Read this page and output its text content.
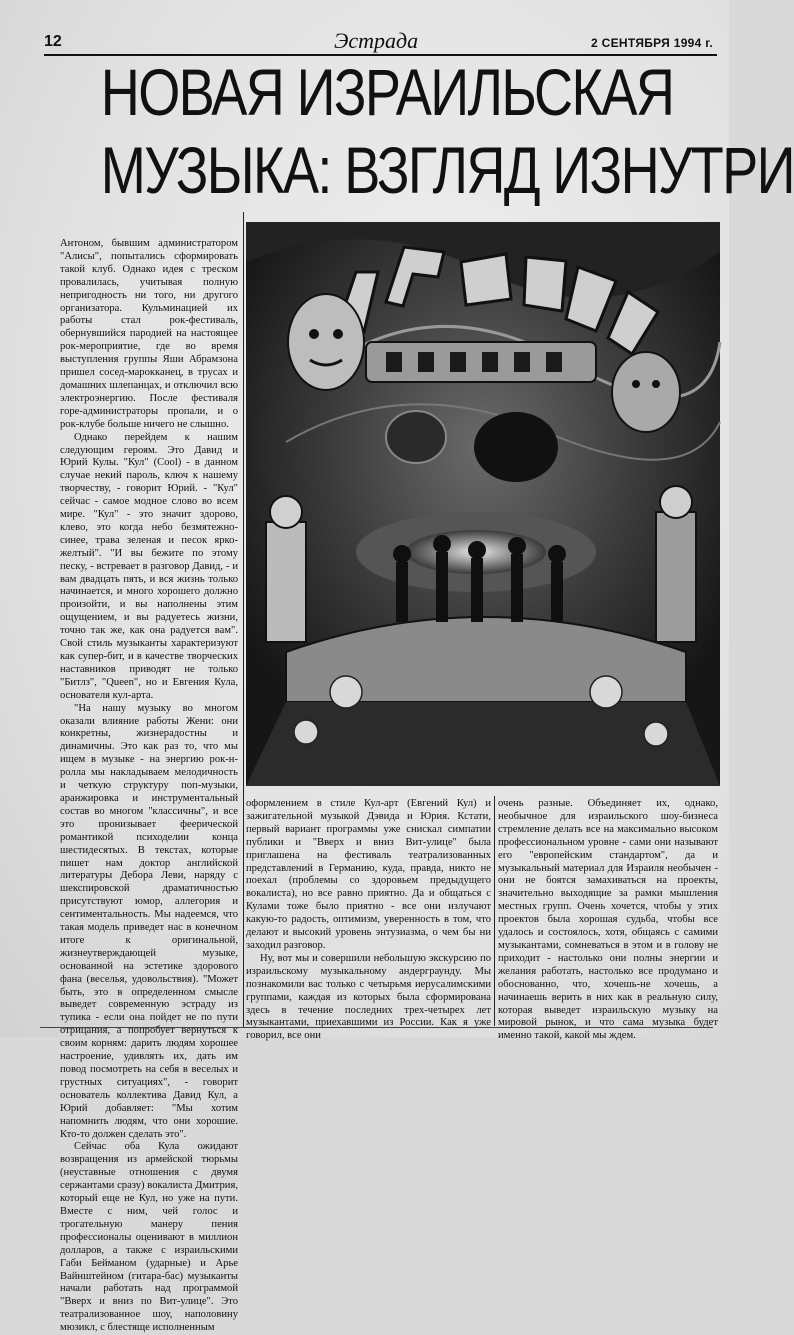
12	Эстрада	2 СЕНТЯБРЯ 1994 г.
НОВАЯ ИЗРАИЛЬСКАЯ
МУЗЫКА: ВЗГЛЯД ИЗНУТРИ

Антоном, бывшим администратором "Алисы", попытались сформировать такой клуб. Однако идея с треском провалилась, учитывая полную непригодность ни того, ни другого организатора. Кульминацией их работы стал рок-фестиваль, обернувшийся пародией на настоящее рок-мероприятие, где во время выступления группы Яши Абрамзона пришел сосед-марокканец, в трусах и домашних шлепанцах, и отключил всю электроэнергию. После фестиваля горе-администраторы пропали, и о рок-клубе больше ничего не слышно.

Однако перейдем к нашим следующим героям. Это Давид и Юрий Кулы. "Кул" (Cool) - в данном случае некий пароль, ключ к нашему творчеству, - говорит Юрий. - "Кул" сейчас - самое модное слово во всем мире. "Кул" - это значит здорово, клево, это когда небо безмятежно-синее, трава зеленая и песок ярко-желтый". "И вы бежите по этому песку, - встревает в разговор Давид, - и вам двадцать пять, и вся жизнь только начинается, и много хорошего должно произойти, и вы наполнены этим ощущением, и вы радуетесь жизни, точно так же, как она радуется вам". Свой стиль музыканты характеризуют как супер-бит, и в качестве творческих наставников приводят не только "Битлз", "Queen", но и Евгения Кула, основателя кул-арта.

"На нашу музыку во многом оказали влияние работы Жени: они конкретны, жизнерадостны и динамичны. Это как раз то, что мы ищем в музыке - на энергию рок-н-ролла мы накладываем мелодичность и четкую структуру поп-музыки, аранжировка и инструментальный состав во многом "классичны", и все это пронизывает феерической романтикой психоделии конца шестидесятых. В текстах, которые пишет нам доктор английской литературы Дебора Леви, наряду с шекспировской драматичностью присутствуют юмор, аллегория и сентиментальность. Мы надеемся, что такая модель приведет нас в конечном итоге к оригинальной, жизнеутверждающей музыке, основанной на эстетике здорового фана (веселья, удовольствия). "Может быть, это в определенном смысле выведет современную эстраду из тупика - если она пойдет не по пути отрицания, а попробует вернуться к своим корням: дарить людям хорошее настроение, удивлять их, дать им повод посмотреть на себя в веселых и грустных ситуациях", - говорит основатель коллектива Давид Кул, а Юрий добавляет: "Мы хотим напомнить людям, что они хорошие. Кто-то должен сделать это".

Сейчас оба Кула ожидают возвращения из армейской тюрьмы (неуставные отношения с двумя сержантами сразу) вокалиста Дмитрия, который еще не Кул, но уже на пути. Вместе с ним, чей голос и трогательную манеру пения профессионалы оценивают в миллион долларов, а также с израильскими Габи Бейманом (ударные) и Арье Вайнштейном (гитара-бас) музыканты начали работать над программой "Вверх и вниз по Вит-улице". Это театрализованное шоу, наполовину мюзикл, с блестяще исполненным

оформлением в стиле Кул-арт (Евгений Кул) и зажигательной музыкой Дэвида и Юрия. Кстати, первый вариант программы уже снискал симпатии публики и "Вверх и вниз Вит-улице" была приглашена на фестиваль театрализованных представлений в Германию, куда, правда, никто не поехал (проблемы со здоровьем предыдущего вокалиста), но все равно приятно. Да и общаться с Кулами тоже было приятно - все они излучают какую-то радость, оптимизм, уверенность в том, что делают и высокий уровень энтузиазма, о чем бы ни заходил разговор.

Ну, вот мы и совершили небольшую экскурсию по израильскому музыкальному андерграунду. Мы познакомили вас только с четырьмя иерусалимскими группами, каждая из которых была сформирована здесь в течение последних трех-четырех лет музыкантами, приехавшими из России. Как я уже говорил, все они

очень разные. Объединяет их, однако, необычное для израильского шоу-бизнеса стремление делать все на максимально высоком профессиональном уровне - сами они называют его "европейским стандартом", да и музыкальный материал для Израиля необычен - они не боятся замахиваться на проекты, значительно выходящие за рамки мышления местных групп. Очень хочется, чтобы у этих проектов была хорошая судьба, чтобы все удалось и состоялось, хотя, общаясь с самими музыкантами, сомневаться в этом и в голову не приходит - настолько они полны энергии и желания работать, настолько все продумано и обоснованно, что, хочешь-не хочешь, а начинаешь верить в них как в реальную силу, которая выведет израильскую музыку на мировой рынок, и что сама музыка будет именно такой, какой мы ждем.
